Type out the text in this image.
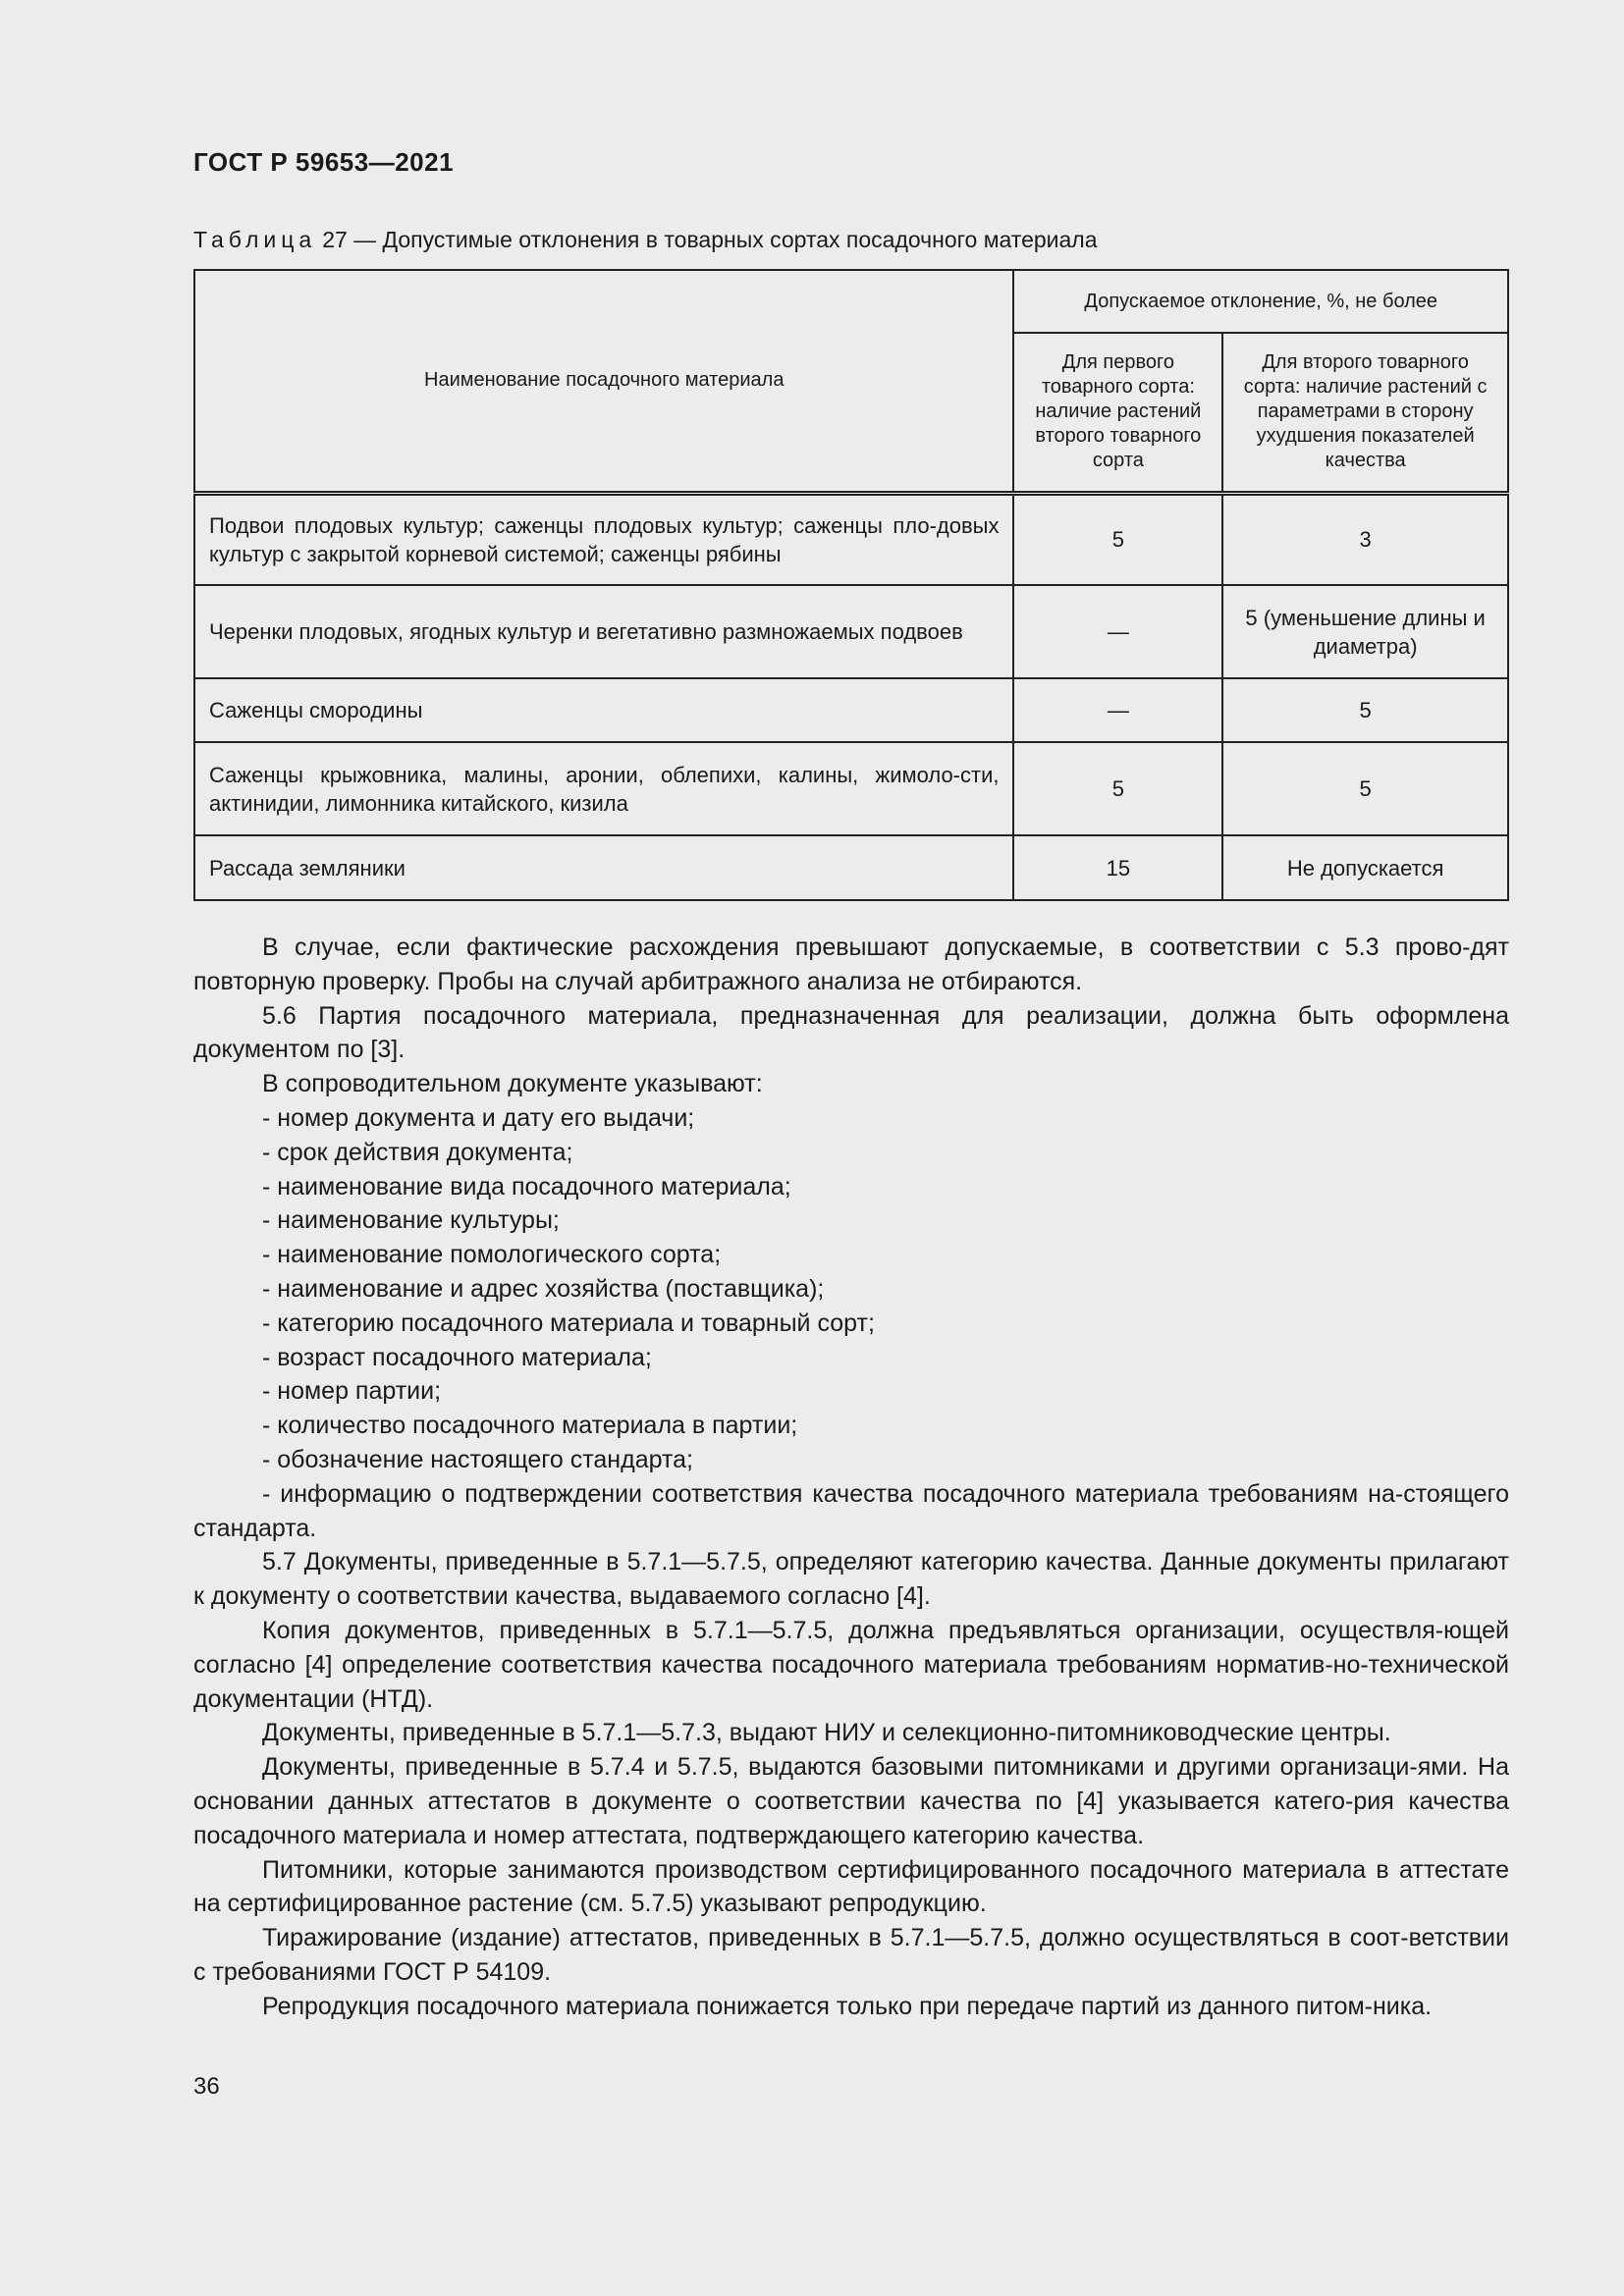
ГОСТ Р 59653—2021
Таблица 27 — Допустимые отклонения в товарных сортах посадочного материала
Наименование посадочного материала	Допускаемое отклонение, %, не более	
	Для первого товарного сорта: наличие растений второго товарного сорта	Для второго товарного сорта: наличие растений с параметрами в сторону ухудшения показателей качества
Подвои плодовых культур; саженцы плодовых культур; саженцы пло-довых культур с закрытой корневой системой; саженцы рябины	5	3
Черенки плодовых, ягодных культур и вегетативно размножаемых подвоев	—	5 (уменьшение длины и диаметра)
Саженцы смородины	—	5
Саженцы крыжовника, малины, аронии, облепихи, калины, жимоло-сти, актинидии, лимонника китайского, кизила	5	5
Рассада земляники	15	Не допускается

В случае, если фактические расхождения превышают допускаемые, в соответствии с 5.3 прово-дят повторную проверку. Пробы на случай арбитражного анализа не отбираются.

5.6 Партия посадочного материала, предназначенная для реализации, должна быть оформлена документом по [3].

В сопроводительном документе указывают:

- номер документа и дату его выдачи;

- срок действия документа;

- наименование вида посадочного материала;

- наименование культуры;

- наименование помологического сорта;

- наименование и адрес хозяйства (поставщика);

- категорию посадочного материала и товарный сорт;

- возраст посадочного материала;

- номер партии;

- количество посадочного материала в партии;

- обозначение настоящего стандарта;

- информацию о подтверждении соответствия качества посадочного материала требованиям на-стоящего стандарта.

5.7 Документы, приведенные в 5.7.1—5.7.5, определяют категорию качества. Данные документы прилагают к документу о соответствии качества, выдаваемого согласно [4].

Копия документов, приведенных в 5.7.1—5.7.5, должна предъявляться организации, осуществля-ющей согласно [4] определение соответствия качества посадочного материала требованиям норматив-но-технической документации (НТД).

Документы, приведенные в 5.7.1—5.7.3, выдают НИУ и селекционно-питомниководческие центры.

Документы, приведенные в 5.7.4 и 5.7.5, выдаются базовыми питомниками и другими организаци-ями. На основании данных аттестатов в документе о соответствии качества по [4] указывается катего-рия качества посадочного материала и номер аттестата, подтверждающего категорию качества.

Питомники, которые занимаются производством сертифицированного посадочного материала в аттестате на сертифицированное растение (см. 5.7.5) указывают репродукцию.

Тиражирование (издание) аттестатов, приведенных в 5.7.1—5.7.5, должно осуществляться в соот-ветствии с требованиями ГОСТ Р 54109.

Репродукция посадочного материала понижается только при передаче партий из данного питом-ника.

36
